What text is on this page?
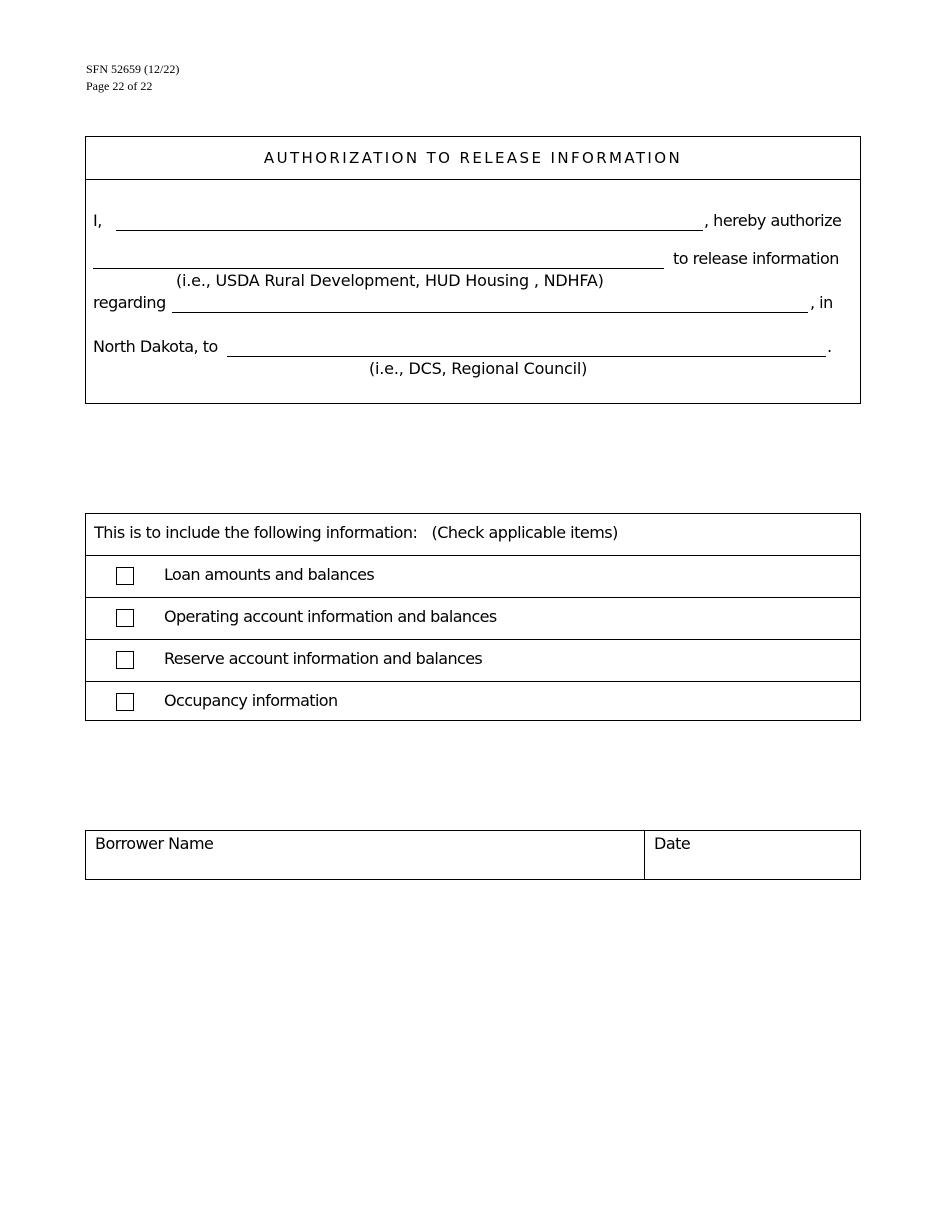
SFN 52659 (12/22)
Page 22 of 22
AUTHORIZATION TO RELEASE INFORMATION
I,	, hereby authorize
to release information
(i.e., USDA Rural Development, HUD Housing , NDHFA)
regarding	, in
North Dakota, to	.
(i.e., DCS, Regional Council)
This is to include the following information: (Check applicable items)
Loan amounts and balances
Operating account information and balances
Reserve account information and balances
Occupancy information
Borrower Name	Date
